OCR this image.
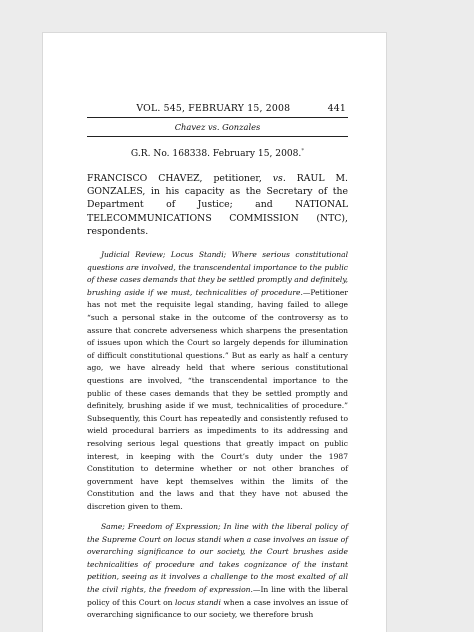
VOL. 545, FEBRUARY 15, 2008	441
Chavez vs. Gonzales
G.R. No. 168338. February 15, 2008.*
FRANCISCO CHAVEZ, petitioner, vs. RAUL M. GONZALES, in his capacity as the Secretary of the Department of Justice; and NATIONAL TELECOMMUNICATIONS COMMISSION (NTC), respondents.

Judicial Review; Locus Standi; Where serious constitutional questions are involved, the transcendental importance to the public of these cases demands that they be settled promptly and definitely, brushing aside if we must, technicalities of procedure.—Petitioner has not met the requisite legal standing, having failed to allege “such a personal stake in the outcome of the controversy as to assure that concrete adverseness which sharpens the presentation of issues upon which the Court so largely depends for illumination of difficult constitutional questions.” But as early as half a century ago, we have already held that where serious constitutional questions are involved, “the transcendental importance to the public of these cases demands that they be settled promptly and definitely, brushing aside if we must, technicalities of procedure.” Subsequently, this Court has repeatedly and consistently refused to wield procedural barriers as impediments to its addressing and resolving serious legal questions that greatly impact on public interest, in keeping with the Court’s duty under the 1987 Constitution to determine whether or not other branches of government have kept themselves within the limits of the Constitution and the laws and that they have not abused the discretion given to them.

Same; Freedom of Expression; In line with the liberal policy of the Supreme Court on locus standi when a case involves an issue of overarching significance to our society, the Court brushes aside technicalities of procedure and takes cognizance of the instant petition, seeing as it involves a challenge to the most exalted of all the civil rights, the freedom of expression.—In line with the liberal policy of this Court on locus standi when a case involves an issue of overarching significance to our society, we therefore brush
